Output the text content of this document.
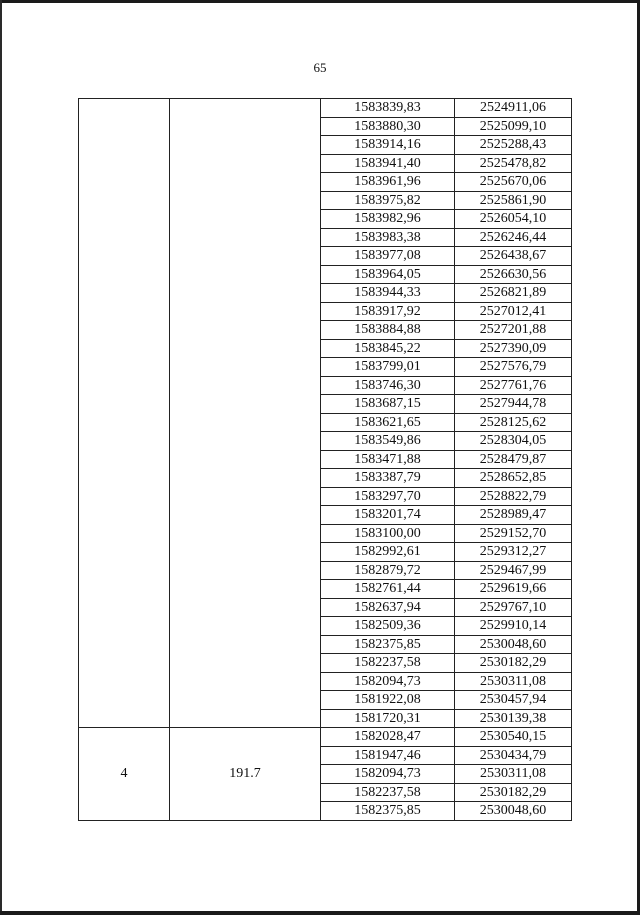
65
		1583839,83	2524911,06
		1583880,30	2525099,10
		1583914,16	2525288,43
		1583941,40	2525478,82
		1583961,96	2525670,06
		1583975,82	2525861,90
		1583982,96	2526054,10
		1583983,38	2526246,44
		1583977,08	2526438,67
		1583964,05	2526630,56
		1583944,33	2526821,89
		1583917,92	2527012,41
		1583884,88	2527201,88
		1583845,22	2527390,09
		1583799,01	2527576,79
		1583746,30	2527761,76
		1583687,15	2527944,78
		1583621,65	2528125,62
		1583549,86	2528304,05
		1583471,88	2528479,87
		1583387,79	2528652,85
		1583297,70	2528822,79
		1583201,74	2528989,47
		1583100,00	2529152,70
		1582992,61	2529312,27
		1582879,72	2529467,99
		1582761,44	2529619,66
		1582637,94	2529767,10
		1582509,36	2529910,14
		1582375,85	2530048,60
		1582237,58	2530182,29
		1582094,73	2530311,08
		1581922,08	2530457,94
		1581720,31	2530139,38
4	191.7	1582028,47	2530540,15
		1581947,46	2530434,79
		1582094,73	2530311,08
		1582237,58	2530182,29
		1582375,85	2530048,60
